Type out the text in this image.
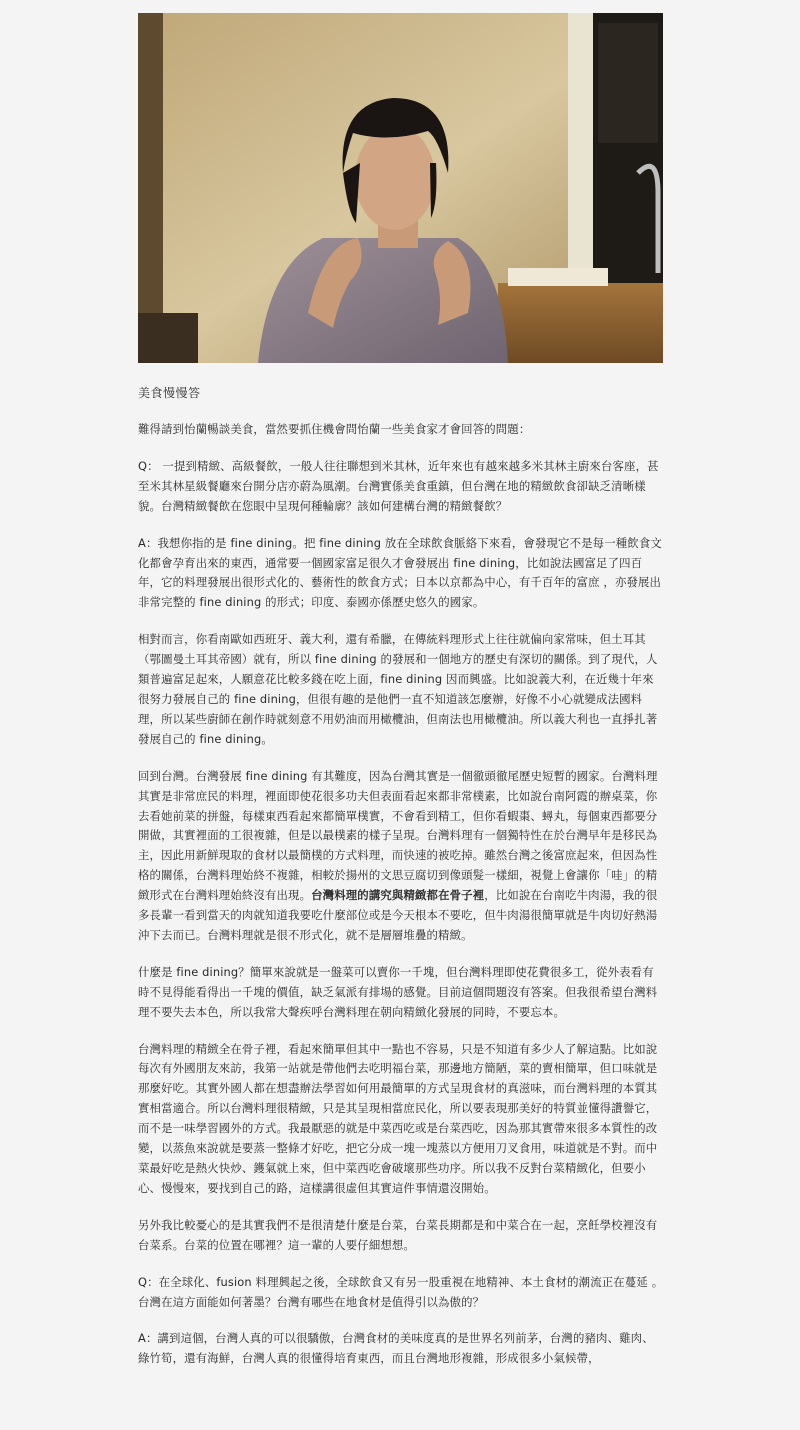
美食慢慢答

難得請到怡蘭暢談美食，當然要抓住機會問怡蘭一些美食家才會回答的問題：

Q： 一提到精緻、高級餐飲，一般人往往聯想到米其林，近年來也有越來越多米其林主廚來台客座，甚至米其林星級餐廳來台開分店亦蔚為風潮。台灣實係美食重鎮，但台灣在地的精緻飲食卻缺乏清晰樣貌。台灣精緻餐飲在您眼中呈現何種輪廓？該如何建構台灣的精緻餐飲？

A：我想你指的是 fine dining。把 fine dining 放在全球飲食脈絡下來看，會發現它不是每一種飲食文化都會孕育出來的東西，通常要一個國家富足很久才會發展出 fine dining，比如說法國富足了四百年，它的料理發展出很形式化的、藝術性的飲食方式；日本以京都為中心，有千百年的富庶 ，亦發展出非常完整的 fine dining 的形式；印度、泰國亦係歷史悠久的國家。

相對而言，你看南歐如西班牙、義大利，還有希臘，在傳統料理形式上往往就偏向家常味，但土耳其（鄂圖曼土耳其帝國）就有，所以 fine dining 的發展和一個地方的歷史有深切的關係。到了現代，人類普遍富足起來，人願意花比較多錢在吃上面，fine dining 因而興盛。比如說義大利，在近幾十年來很努力發展自己的 fine dining，但很有趣的是他們一直不知道該怎麼辦，好像不小心就變成法國料理，所以某些廚師在創作時就刻意不用奶油而用橄欖油，但南法也用橄欖油。所以義大利也一直掙扎著發展自己的 fine dining。

回到台灣。台灣發展 fine dining 有其難度，因為台灣其實是一個徹頭徹尾歷史短暫的國家。台灣料理其實是非常庶民的料理，裡面即使花很多功夫但表面看起來都非常樸素，比如說台南阿霞的辦桌菜，你去看她前菜的拼盤，每樣東西看起來都簡單樸實，不會看到精工，但你看蝦棗、蟳丸，每個東西都要分開做，其實裡面的工很複雜，但是以最樸素的樣子呈現。台灣料理有一個獨特性在於台灣早年是移民為主，因此用新鮮現取的食材以最簡樸的方式料理，而快速的被吃掉。雖然台灣之後富庶起來，但因為性格的關係，台灣料理始終不複雜，相較於揚州的文思豆腐切到像頭髮一樣細，視覺上會讓你「哇」的精緻形式在台灣料理始終沒有出現。台灣料理的講究與精緻都在骨子裡，比如說在台南吃牛肉湯，我的很多長輩一看到當天的肉就知道我要吃什麼部位或是今天根本不要吃，但牛肉湯很簡單就是牛肉切好熱湯沖下去而已。台灣料理就是很不形式化，就不是層層堆疊的精緻。

什麼是 fine dining？簡單來說就是一盤菜可以賣你一千塊，但台灣料理即使花費很多工，從外表看有時不見得能看得出一千塊的價值，缺乏氣派有排場的感覺。目前這個問題沒有答案。但我很希望台灣料理不要失去本色，所以我常大聲疾呼台灣料理在朝向精緻化發展的同時，不要忘本。

台灣料理的精緻全在骨子裡，看起來簡單但其中一點也不容易，只是不知道有多少人了解這點。比如說每次有外國朋友來訪，我第一站就是帶他們去吃明福台菜，那邊地方簡陋，菜的賣相簡單，但口味就是那麼好吃。其實外國人都在想盡辦法學習如何用最簡單的方式呈現食材的真滋味，而台灣料理的本質其實相當適合。所以台灣料理很精緻，只是其呈現相當庶民化，所以要表現那美好的特質並懂得讚譽它，而不是一味學習國外的方式。我最厭惡的就是中菜西吃或是台菜西吃，因為那其實帶來很多本質性的改變，以蒸魚來說就是要蒸一整條才好吃，把它分成一塊一塊蒸以方便用刀叉食用，味道就是不對。而中菜最好吃是熱火快炒、鑊氣就上來，但中菜西吃會破壞那些功序。所以我不反對台菜精緻化，但要小心、慢慢來，要找到自己的路，這樣講很虛但其實這件事情還沒開始。

另外我比較憂心的是其實我們不是很清楚什麼是台菜，台菜長期都是和中菜合在一起，烹飪學校裡沒有台菜系。台菜的位置在哪裡？這一輩的人要仔細想想。

Q：在全球化、fusion 料理興起之後，全球飲食又有另一股重視在地精神、本土食材的潮流正在蔓延 。台灣在這方面能如何著墨？台灣有哪些在地食材是值得引以為傲的？

A：講到這個，台灣人真的可以很驕傲，台灣食材的美味度真的是世界名列前茅，台灣的豬肉、雞肉、綠竹筍，還有海鮮，台灣人真的很懂得培育東西，而且台灣地形複雜，形成很多小氣候帶，
